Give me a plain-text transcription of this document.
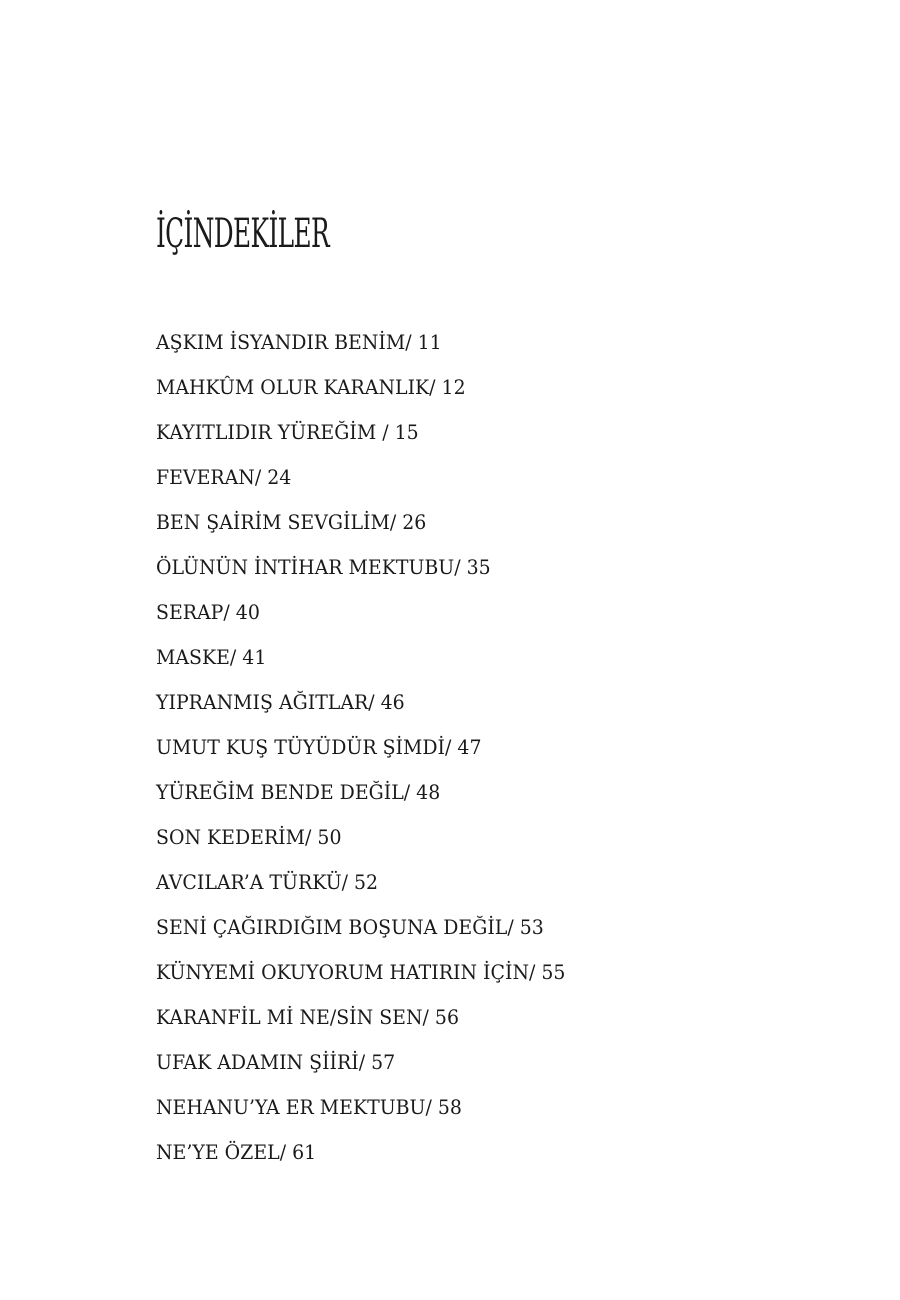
İÇİNDEKİLER
AŞKIM İSYANDIR BENİM/ 11
MAHKÛM OLUR KARANLIK/ 12
KAYITLIDIR YÜREĞİM / 15
FEVERAN/ 24
BEN ŞAİRİM SEVGİLİM/ 26
ÖLÜNÜN İNTİHAR MEKTUBU/ 35
SERAP/ 40
MASKE/ 41
YIPRANMIŞ AĞITLAR/ 46
UMUT KUŞ TÜYÜDÜR ŞİMDİ/ 47
YÜREĞİM BENDE DEĞİL/ 48
SON KEDERİM/ 50
AVCILAR’A TÜRKÜ/ 52
SENİ ÇAĞIRDIĞIM BOŞUNA DEĞİL/ 53
KÜNYEMİ OKUYORUM HATIRIN İÇİN/ 55
KARANFİL Mİ NE/SİN SEN/ 56
UFAK ADAMIN ŞİİRİ/ 57
NEHANU’YA ER MEKTUBU/ 58
NE’YE ÖZEL/ 61
